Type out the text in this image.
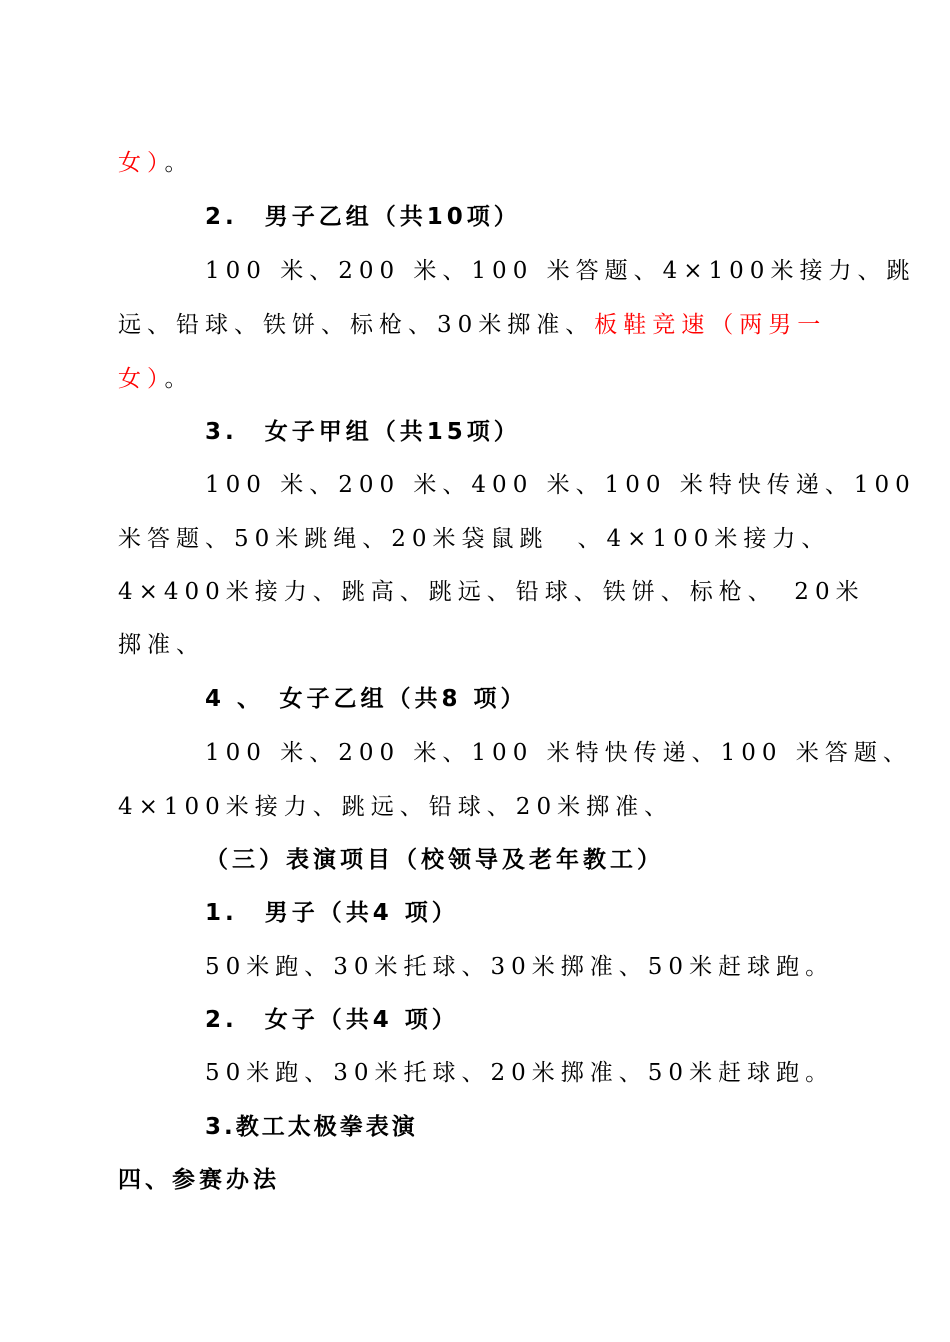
女）。
2.　男子乙组（共10项）
100 米、200 米、100 米答题、4×100米接力、跳
远、铅球、铁饼、标枪、30米掷准、板鞋竞速（两男一
女）。
3.　女子甲组（共15项）
100 米、200 米、400 米、100 米特快传递、100
米答题、50米跳绳、20米袋鼠跳　、4×100米接力、
4×400米接力、跳高、跳远、铅球、铁饼、标枪、　20米
掷准、
4 、　女子乙组（共8 项）
100 米、200 米、100 米特快传递、100 米答题、
4×100米接力、跳远、铅球、20米掷准、
（三）表演项目（校领导及老年教工）
1.　男子（共4 项）
50米跑、30米托球、30米掷准、50米赶球跑。
2.　女子（共4 项）
50米跑、30米托球、20米掷准、50米赶球跑。
3.教工太极拳表演
四、参赛办法
